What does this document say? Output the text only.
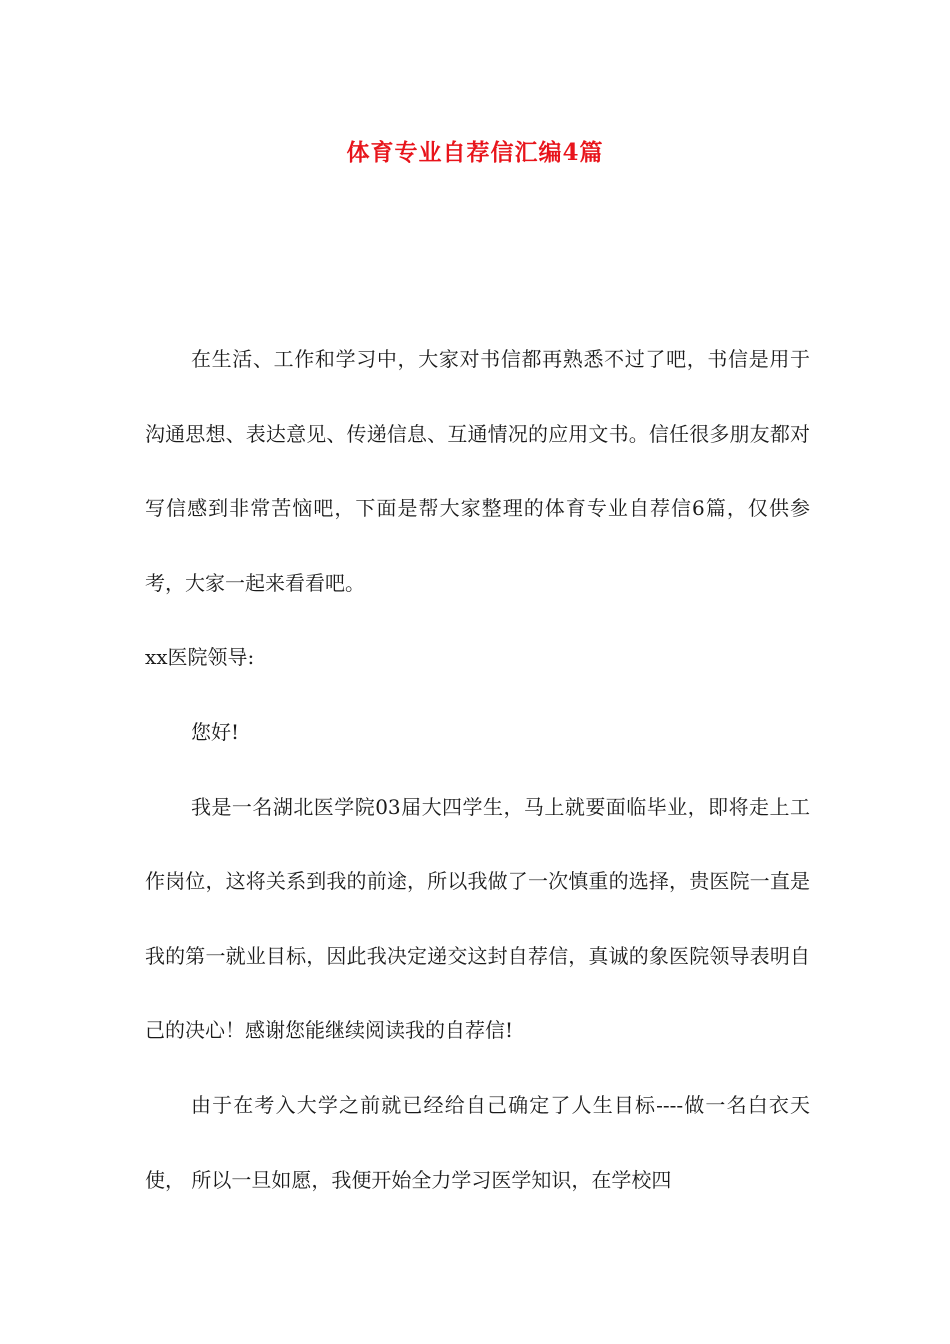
体育专业自荐信汇编4篇

在生活、工作和学习中，大家对书信都再熟悉不过了吧，书信是用于沟通思想、表达意见、传递信息、互通情况的应用文书。信任很多朋友都对写信感到非常苦恼吧，下面是帮大家整理的体育专业自荐信6篇，仅供参考，大家一起来看看吧。

xx医院领导:

您好!

我是一名湖北医学院03届大四学生，马上就要面临毕业，即将走上工作岗位，这将关系到我的前途，所以我做了一次慎重的选择，贵医院一直是我的第一就业目标，因此我决定递交这封自荐信，真诚的象医院领导表明自己的决心！感谢您能继续阅读我的自荐信!

由于在考入大学之前就已经给自己确定了人生目标----做一名白衣天使， 所以一旦如愿，我便开始全力学习医学知识，在学校四
